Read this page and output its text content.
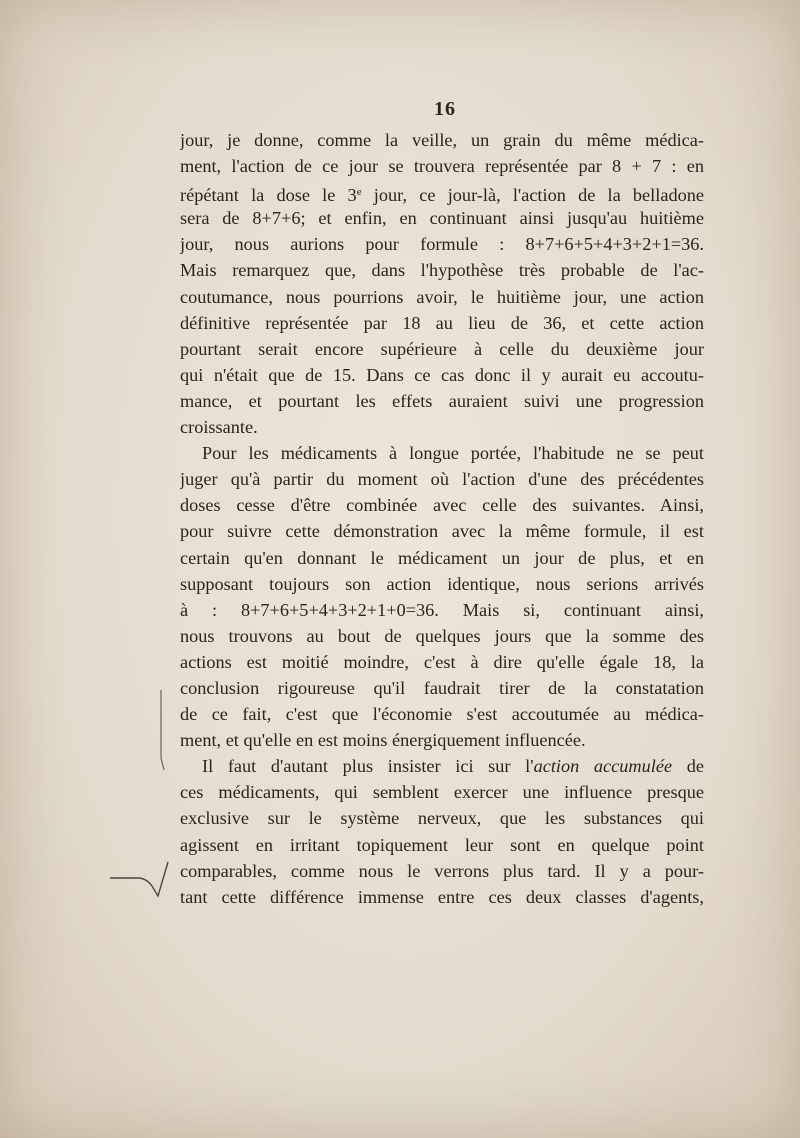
16
jour, je donne, comme la veille, un grain du même médica-
ment, l'action de ce jour se trouvera représentée par 8 + 7 : en
répétant la dose le 3e jour, ce jour-là, l'action de la belladone
sera de 8+7+6; et enfin, en continuant ainsi jusqu'au huitième
jour, nous aurions pour formule : 8+7+6+5+4+3+2+1=36.
Mais remarquez que, dans l'hypothèse très probable de l'ac-
coutumance, nous pourrions avoir, le huitième jour, une action
définitive représentée par 18 au lieu de 36, et cette action
pourtant serait encore supérieure à celle du deuxième jour
qui n'était que de 15. Dans ce cas donc il y aurait eu accoutu-
mance, et pourtant les effets auraient suivi une progression
croissante.
Pour les médicaments à longue portée, l'habitude ne se peut
juger qu'à partir du moment où l'action d'une des précédentes
doses cesse d'être combinée avec celle des suivantes. Ainsi,
pour suivre cette démonstration avec la même formule, il est
certain qu'en donnant le médicament un jour de plus, et en
supposant toujours son action identique, nous serions arrivés
à : 8+7+6+5+4+3+2+1+0=36. Mais si, continuant ainsi,
nous trouvons au bout de quelques jours que la somme des
actions est moitié moindre, c'est à dire qu'elle égale 18, la
conclusion rigoureuse qu'il faudrait tirer de la constatation
de ce fait, c'est que l'économie s'est accoutumée au médica-
ment, et qu'elle en est moins énergiquement influencée.
Il faut d'autant plus insister ici sur l'action accumulée de
ces médicaments, qui semblent exercer une influence presque
exclusive sur le système nerveux, que les substances qui
agissent en irritant topiquement leur sont en quelque point
comparables, comme nous le verrons plus tard. Il y a pour-
tant cette différence immense entre ces deux classes d'agents,
